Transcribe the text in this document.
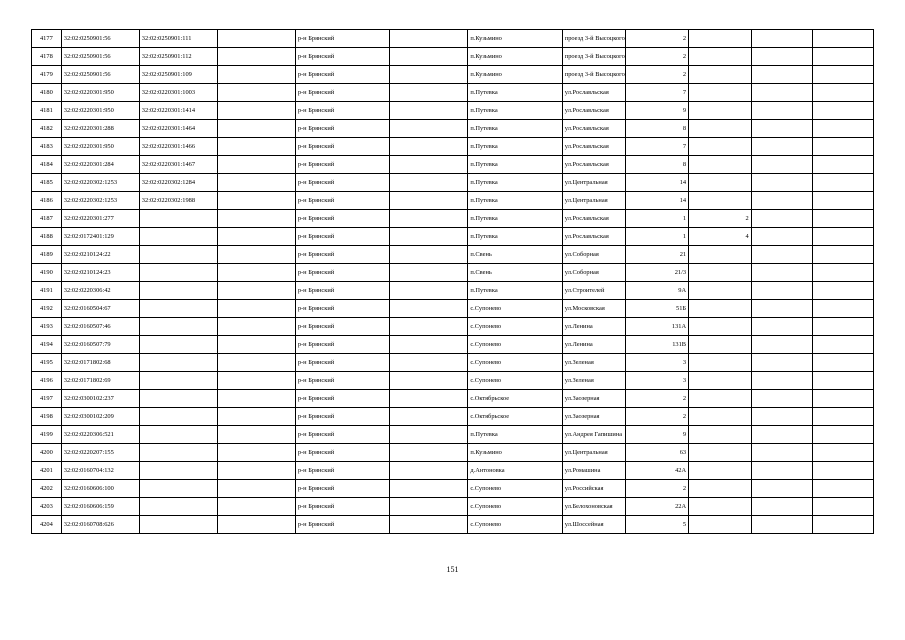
4177	32:02:0250901:56	32:02:0250901:111		р-н Брянский		п.Кузьмино	проезд 3-й Высоцкого	2			
4178	32:02:0250901:56	32:02:0250901:112		р-н Брянский		п.Кузьмино	проезд 3-й Высоцкого	2			
4179	32:02:0250901:56	32:02:0250901:109		р-н Брянский		п.Кузьмино	проезд 3-й Высоцкого	2			
4180	32:02:0220301:950	32:02:0220301:1003		р-н Брянский		п.Путевка	ул.Рославльская	7			
4181	32:02:0220301:950	32:02:0220301:1414		р-н Брянский		п.Путевка	ул.Рославльская	9			
4182	32:02:0220301:288	32:02:0220301:1464		р-н Брянский		п.Путевка	ул.Рославльская	8			
4183	32:02:0220301:950	32:02:0220301:1466		р-н Брянский		п.Путевка	ул.Рославльская	7			
4184	32:02:0220301:284	32:02:0220301:1467		р-н Брянский		п.Путевка	ул.Рославльская	8			
4185	32:02:0220302:1253	32:02:0220302:1284		р-н Брянский		п.Путевка	ул.Центральная	14			
4186	32:02:0220302:1253	32:02:0220302:1988		р-н Брянский		п.Путевка	ул.Центральная	14			
4187	32:02:0220301:277			р-н Брянский		п.Путевка	ул.Рославльская	1	2		
4188	32:02:0172401:129			р-н Брянский		п.Путевка	ул.Рославльская	1	4		
4189	32:02:0210124:22			р-н Брянский		п.Свень	ул.Соборная	21			
4190	32:02:0210124:23			р-н Брянский		п.Свень	ул.Соборная	21/3			
4191	32:02:0220306:42			р-н Брянский		п.Путевка	ул.Строителей	9А			
4192	32:02:0160504:67			р-н Брянский		с.Супонево	ул.Московская	51Б			
4193	32:02:0160507:46			р-н Брянский		с.Супонево	ул.Ленина	131А			
4194	32:02:0160507:79			р-н Брянский		с.Супонево	ул.Ленина	131В			
4195	32:02:0171802:68			р-н Брянский		с.Супонево	ул.Зеленая	3			
4196	32:02:0171802:69			р-н Брянский		с.Супонево	ул.Зеленая	3			
4197	32:02:0300102:237			р-н Брянский		с.Октябрьское	ул.Заозерная	2			
4198	32:02:0300102:209			р-н Брянский		с.Октябрьское	ул.Заозерная	2			
4199	32:02:0220306:521			р-н Брянский		п.Путевка	ул.Андрея Гапишина	9			
4200	32:02:0220207:155			р-н Брянский		п.Кузьмино	ул.Центральная	63			
4201	32:02:0160704:132			р-н Брянский		д.Антоновка	ул.Ромашина	42А			
4202	32:02:0160606:100			р-н Брянский		с.Супонево	ул.Российская	2			
4203	32:02:0160606:159			р-н Брянский		с.Супонево	ул.Белохоновская	22А			
4204	32:02:0160708:626			р-н Брянский		с.Супонево	ул.Шоссейная	5			
151
